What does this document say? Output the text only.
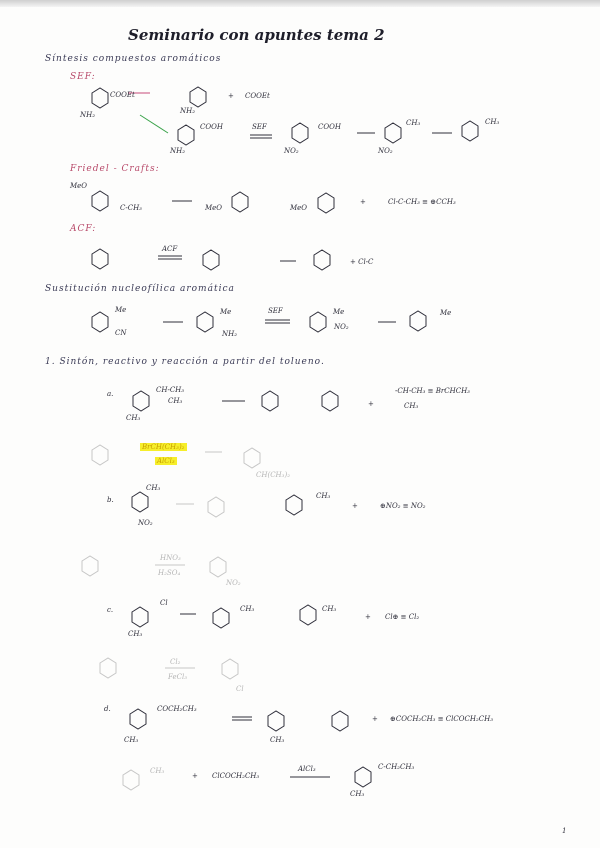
Seminario con apuntes tema 2
Síntesis compuestos aromáticos
SEF:
Friedel - Crafts:
ACF:
Sustitución nucleofílica aromática
1. Sintón, reactivo y reacción a partir del tolueno.
COOEt
NH₂	NH₂
+ COOEt
COOH	SEF
NH₂
COOH
NO₂
CH₃
NO₂
CH₃
MeO
C-CH₃	MeO	MeO
+	Cl-C-CH₃ ≡ ⊕CCH₃
ACF
+ Cl-C
Me
CN
Me
NH₂
SEF	Me
NO₂
Me
a.	CH-CH₃
CH₃
CH₃
+
-CH-CH₃ ≡ BrCHCH₃
CH₃
BrCH(CH₃)₂
AlCl₃
CH(CH₃)₂
b.
CH₃
NO₂
CH₃
+	⊕NO₂ ≡ NO₂
HNO₃
H₂SO₄
NO₂
c.
Cl
CH₃
CH₃	CH₃
+ Cl⊕ ≡ Cl₂
Cl₂
FeCl₃
Cl
d.	COCH₂CH₃
CH₃	CH₃
+ ⊕COCH₂CH₃ ≡ ClCOCH₂CH₃
CH₃
+ ClCOCH₂CH₃
AlCl₃	C-CH₂CH₃
CH₃
1
